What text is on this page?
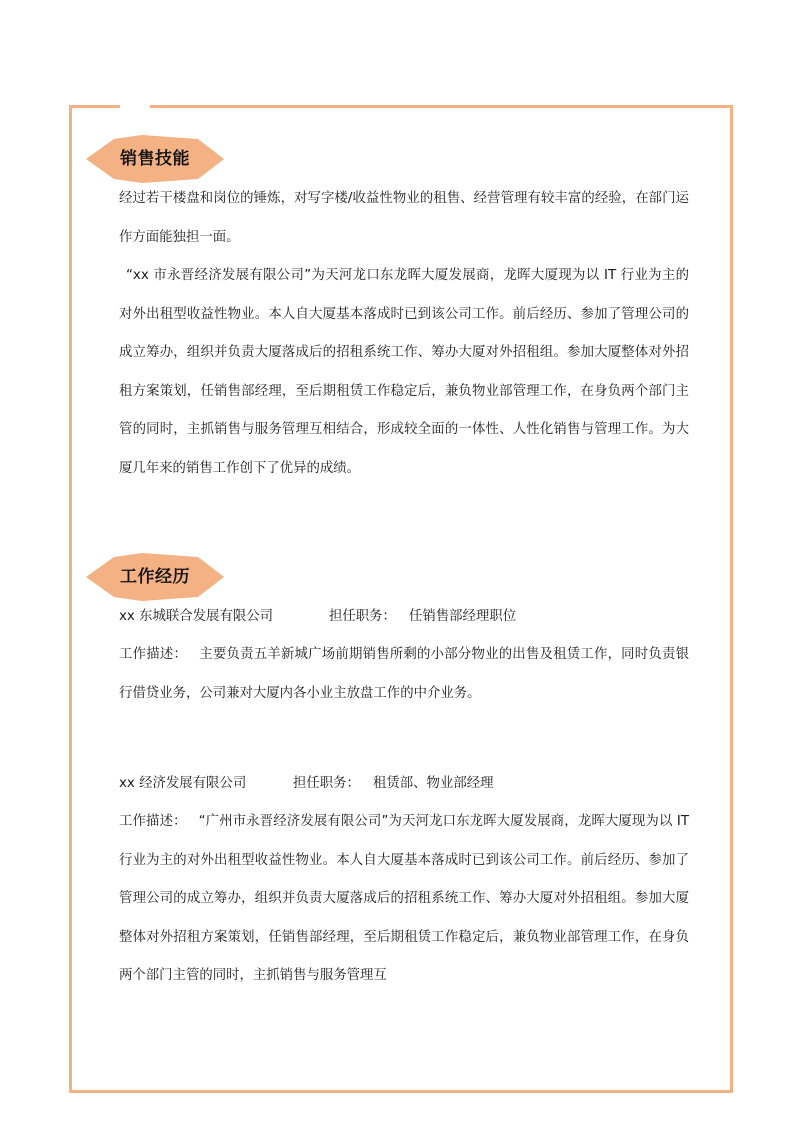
销售技能

经过若干楼盘和岗位的锤炼，对写字楼/收益性物业的租售、经营管理有较丰富的经验，在部门运作方面能独担一面。

“xx 市永晋经济发展有限公司”为天河龙口东龙晖大厦发展商，龙晖大厦现为以 IT 行业为主的对外出租型收益性物业。本人自大厦基本落成时已到该公司工作。前后经历、参加了管理公司的成立筹办，组织并负责大厦落成后的招租系统工作、筹办大厦对外招租组。参加大厦整体对外招租方案策划，任销售部经理，至后期租赁工作稳定后，兼负物业部管理工作，在身负两个部门主管的同时，主抓销售与服务管理互相结合，形成较全面的一体性、人性化销售与管理工作。为大厦几年来的销售工作创下了优异的成绩。

工作经历

xx 东城联合发展有限公司	担任职务： 任销售部经理职位

工作描述： 主要负责五羊新城广场前期销售所剩的小部分物业的出售及租赁工作，同时负责银行借贷业务，公司兼对大厦内各小业主放盘工作的中介业务。

xx 经济发展有限公司	担任职务： 租赁部、物业部经理

工作描述： “广州市永晋经济发展有限公司”为天河龙口东龙晖大厦发展商，龙晖大厦现为以 IT 行业为主的对外出租型收益性物业。本人自大厦基本落成时已到该公司工作。前后经历、参加了管理公司的成立筹办，组织并负责大厦落成后的招租系统工作、筹办大厦对外招租组。参加大厦整体对外招租方案策划，任销售部经理，至后期租赁工作稳定后，兼负物业部管理工作，在身负两个部门主管的同时，主抓销售与服务管理互
